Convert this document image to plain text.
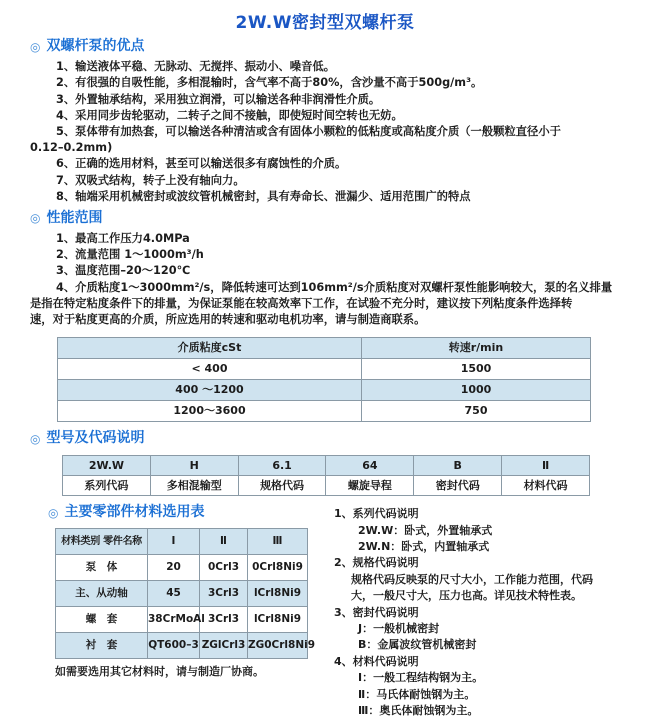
2W.W密封型双螺杆泵
◎ 双螺杆泵的优点
1、输送液体平稳、无脉动、无搅拌、振动小、噪音低。
2、有很强的自吸性能，多相混输时，含气率不高于80%，含沙量不高于500g/m³。
3、外置轴承结构，采用独立润滑，可以输送各种非润滑性介质。
4、采用同步齿轮驱动，二转子之间不接触，即使短时间空转也无妨。
5、泵体带有加热套，可以输送各种清洁或含有固体小颗粒的低粘度或高粘度介质（一般颗粒直径小于
0.12–0.2mm)
6、正确的选用材料，甚至可以输送很多有腐蚀性的介质。
7、双吸式结构，转子上没有轴向力。
8、轴端采用机械密封或波纹管机械密封，具有寿命长、泄漏少、适用范围广的特点
◎ 性能范围
1、最高工作压力4.0MPa
2、流量范围 1～1000m³/h
3、温度范围–20～120℃
4、介质粘度1～3000mm²/s，降低转速可达到106mm²/s介质粘度对双螺杆泵性能影响较大，泵的名义排量
是指在特定粘度条件下的排量，为保证泵能在较高效率下工作，在试验不充分时，建议按下列粘度条件选择转
速，对于粘度更高的介质，所应选用的转速和驱动电机功率，请与制造商联系。
介质粘度cSt	转速r/min
< 400	1500
400 ～1200	1000
1200～3600	750
◎ 型号及代码说明
2W.W	H	6.1	64	B	Ⅱ
系列代码	多相混输型	规格代码	螺旋导程	密封代码	材料代码
◎ 主要零部件材料选用表
材料类别 零件名称	Ⅰ	Ⅱ	Ⅲ
泵　体	20	0Crl3	0Crl8Ni9
主、从动轴	45	3Crl3	lCrl8Ni9
螺　套	38CrMoAl	3Crl3	lCrl8Ni9
衬　套	QT600–3	ZGlCrl3	ZG0Crl8Ni9
如需要选用其它材料时，请与制造厂协商。
1、系列代码说明
2W.W：卧式，外置轴承式
2W.N：卧式，内置轴承式
2、规格代码说明
规格代码反映泵的尺寸大小，工作能力范围，代码
大，一般尺寸大，压力也高。详见技术特性表。
3、密封代码说明
J：一般机械密封
B：金属波纹管机械密封
4、材料代码说明
Ⅰ：一般工程结构钢为主。
Ⅱ：马氏体耐蚀钢为主。
Ⅲ：奥氏体耐蚀钢为主。
